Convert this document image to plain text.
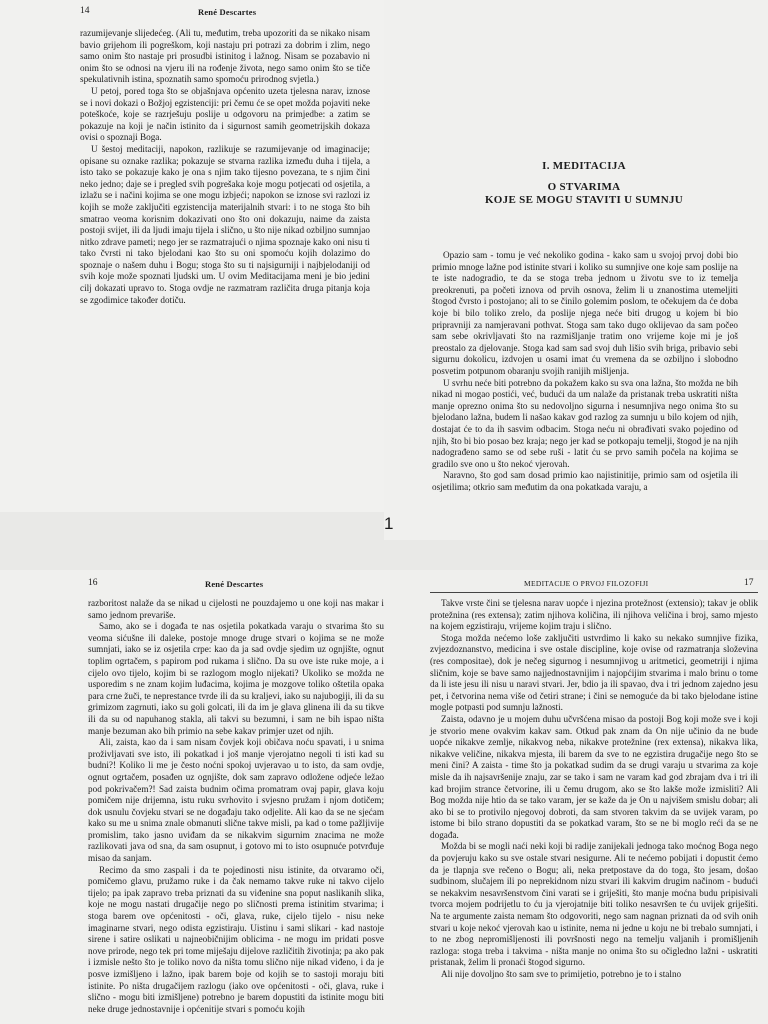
14	René Descartes

razumijevanje slijedećeg. (Ali tu, međutim, treba upozoriti da se nikako nisam bavio grijehom ili pogreškom, koji nastaju pri potrazi za dobrim i zlim, nego samo onim što nastaje pri prosudbi istinitog i lažnog. Nisam se pozabavio ni onim što se odnosi na vjeru ili na rođenje života, nego samo onim što se tiče spekulativnih istina, spoznatih samo spomoću prirodnog svjetla.)

U petoj, pored toga što se objašnjava općenito uzeta tjelesna narav, iznose se i novi dokazi o Božjoj egzistenciji: pri čemu će se opet možda pojaviti neke poteškoće, koje se razrješuju poslije u odgovoru na primjedbe: a zatim se pokazuje na koji je način istinito da i sigurnost samih geometrijskih dokaza ovisi o spoznaji Boga.

U šestoj meditaciji, napokon, razlikuje se razumijevanje od imaginacije; opisane su oznake razlika; pokazuje se stvarna razlika između duha i tijela, a isto tako se pokazuje kako je ona s njim tako tijesno povezana, te s njim čini neko jedno; daje se i pregled svih pogrešaka koje mogu potjecati od osjetila, a izlažu se i načini kojima se one mogu izbjeći; napokon se iznose svi razlozi iz kojih se može zaključiti egzistencija materijalnih stvari: i to ne stoga što bih smatrao veoma korisnim dokazivati ono što oni dokazuju, naime da zaista postoji svijet, ili da ljudi imaju tijela i slično, u što nije nikad ozbiljno sumnjao nitko zdrave pameti; nego jer se razmatrajući o njima spoznaje kako oni nisu ti tako čvrsti ni tako bjelodani kao što su oni spomoću kojih dolazimo do spoznaje o našem duhu i Bogu; stoga što su ti najsigurniji i najbjelodaniji od svih koje može spoznati ljudski um. U ovim Meditacijama meni je bio jedini cilj dokazati upravo to. Stoga ovdje ne razmatram različita druga pitanja koja se zgodimice također dotiču.

I. MEDITACIJA
O STVARIMA
KOJE SE MOGU STAVITI U SUMNJU

Opazio sam - tomu je već nekoliko godina - kako sam u svojoj prvoj dobi bio primio mnoge lažne pod istinite stvari i koliko su sumnjive one koje sam poslije na te iste nadogradio, te da se stoga treba jednom u životu sve to iz temelja preokrenuti, pa početi iznova od prvih osnova, želim li u znanostima utemeljiti štogod čvrsto i postojano; ali to se činilo golemim poslom, te očekujem da će doba koje bi bilo toliko zrelo, da poslije njega neće biti drugog u kojem bi bio pripravniji za namjeravani pothvat. Stoga sam tako dugo oklijevao da sam počeo sam sebe okrivljavati što na razmišljanje tratim ono vrijeme koje mi je još preostalo za djelovanje. Stoga kad sam sad svoj duh lišio svih briga, pribavio sebi sigurnu dokolicu, izdvojen u osami imat ću vremena da se ozbiljno i slobodno posvetim potpunom obaranju svojih ranijih mišljenja.

U svrhu neće biti potrebno da pokažem kako su sva ona lažna, što možda ne bih nikad ni mogao postići, već, budući da um nalaže da pristanak treba uskratiti ništa manje oprezno onima što su nedovoljno sigurna i nesumnjiva nego onima što su bjelodano lažna, budem li našao kakav god razlog za sumnju u bilo kojem od njih, dostajat će to da ih sasvim odbacim. Stoga neću ni obrađivati svako pojedino od njih, što bi bio posao bez kraja; nego jer kad se potkopaju temelji, štogod je na njih nadograđeno samo se od sebe ruši - latit ću se prvo samih počela na kojima se gradilo sve ono u što nekoć vjerovah.

Naravno, što god sam dosad primio kao najistinitije, primio sam od osjetila ili osjetilima; otkrio sam međutim da ona pokatkada varaju, a

1
16	René Descartes

razboritost nalaže da se nikad u cijelosti ne pouzdajemo u one koji nas makar i samo jednom prevariše.

Samo, ako se i događa te nas osjetila pokatkada varaju o stvarima što su veoma sićušne ili daleke, postoje mnoge druge stvari o kojima se ne može sumnjati, iako se iz osjetila crpe: kao da ja sad ovdje sjedim uz ognjište, ognut toplim ogrtačem, s papirom pod rukama i slično. Da su ove iste ruke moje, a i cijelo ovo tijelo, kojim bi se razlogom moglo nijekati? Ukoliko se možda ne usporedim s ne znam kojim luđacima, kojima je mozgove toliko oštetila opaka para crne žuči, te neprestance tvrde ili da su kraljevi, iako su najubogiji, ili da su grimizom zagrnuti, iako su goli golcati, ili da im je glava glinena ili da su tikve ili da su od napuhanog stakla, ali takvi su bezumni, i sam ne bih ispao ništa manje bezuman ako bih primio na sebe kakav primjer uzet od njih.

Ali, zaista, kao da i sam nisam čovjek koji običava noću spavati, i u snima proživljavati sve isto, ili pokatkad i još manje vjerojatno negoli ti isti kad su budni?! Koliko li me je često noćni spokoj uvjeravao u to isto, da sam ovdje, ognut ogrtačem, posađen uz ognjište, dok sam zapravo odložene odjeće ležao pod pokrivačem?! Sad zaista budnim očima promatram ovaj papir, glava koju pomičem nije drijemna, istu ruku svrhovito i svjesno pružam i njom dotičem; dok usnulu čovjeku stvari se ne događaju tako odjelite. Ali kao da se ne sjećam kako su me u snima znale obmanuti slične takve misli, pa kad o tome pažljivije promislim, tako jasno uviđam da se nikakvim sigurnim znacima ne može razlikovati java od sna, da sam osupnut, i gotovo mi to isto osupnuće potvrđuje misao da sanjam.

Recimo da smo zaspali i da te pojedinosti nisu istinite, da otvaramo oči, pomičemo glavu, pružamo ruke i da čak nemamo takve ruke ni takvo cijelo tijelo; pa ipak zapravo treba priznati da su viđenine sna poput naslikanih slika, koje ne mogu nastati drugačije nego po sličnosti prema istinitim stvarima; i stoga barem ove općenitosti - oči, glava, ruke, cijelo tijelo - nisu neke imaginarne stvari, nego odista egzistiraju. Uistinu i sami slikari - kad nastoje sirene i satire oslikati u najneobičnijim oblicima - ne mogu im pridati posve nove prirode, nego tek pri tome miješaju dijelove različitih životinja; pa ako pak i izmisle nešto što je toliko novo da ništa tomu slično nije nikad viđeno, i da je posve izmišljeno i lažno, ipak barem boje od kojih se to sastoji moraju biti istinite. Po ništa drugačijem razlogu (iako ove općenitosti - oči, glava, ruke i slično - mogu biti izmišljene) potrebno je barem dopustiti da istinite mogu biti neke druge jednostavnije i općenitije stvari s pomoću kojih

MEDITACIJE O PRVOJ FILOZOFIJI	17

Takve vrste čini se tjelesna narav uopće i njezina protežnost (extensio); takav je oblik protežnina (res extensa); zatim njihova količina, ili njihova veličina i broj, samo mjesto na kojem egzistiraju, vrijeme kojim traju i slično.

Stoga možda nećemo loše zaključiti ustvrdimo li kako su nekako sumnjive fizika, zvjezdoznanstvo, medicina i sve ostale discipline, koje ovise od razmatranja složevina (res compositae), dok je nečeg sigurnog i nesumnjivog u aritmetici, geometriji i njima sličnim, koje se bave samo najjednostavnijim i najopćijim stvarima i malo brinu o tome da li iste jesu ili nisu u naravi stvari. Jer, bdio ja ili spavao, dva i tri jednom zajedno jesu pet, i četvorina nema više od četiri strane; i čini se nemoguće da bi tako bjelodane istine mogle potpasti pod sumnju lažnosti.

Zaista, odavno je u mojem duhu učvršćena misao da postoji Bog koji može sve i koji je stvorio mene ovakvim kakav sam. Otkud pak znam da On nije učinio da ne bude uopće nikakve zemlje, nikakvog neba, nikakve protežnine (rex extensa), nikakva lika, nikakve veličine, nikakva mjesta, ili barem da sve to ne egzistira drugačije nego što se meni čini? A zaista - time što ja pokatkad sudim da se drugi varaju u stvarima za koje misle da ih najsavršenije znaju, zar se tako i sam ne varam kad god zbrajam dva i tri ili kad brojim strance četvorine, ili u čemu drugom, ako se što lakše može izmisliti? Ali Bog možda nije htio da se tako varam, jer se kaže da je On u najvišem smislu dobar; ali ako bi se to protivilo njegovoj dobroti, da sam stvoren takvim da se uvijek varam, po istome bi bilo strano dopustiti da se pokatkad varam, što se ne bi moglo reći da se ne događa.

Možda bi se mogli naći neki koji bi radije zanijekali jednoga tako moćnog Boga nego da povjeruju kako su sve ostale stvari nesigurne. Ali te nećemo pobijati i dopustit ćemo da je tlapnja sve rečeno o Bogu; ali, neka pretpostave da do toga, što jesam, došao sudbinom, slučajem ili po neprekidnom nizu stvari ili kakvim drugim načinom - budući se nekakvim nesavršenstvom čini varati se i griješiti, što manje moćna budu pripisivali tvorca mojem podrijetlu to ću ja vjerojatnije biti toliko nesavršen te ću uvijek griješiti. Na te argumente zaista nemam što odgovoriti, nego sam nagnan priznati da od svih onih stvari u koje nekoć vjerovah kao u istinite, nema ni jedne u koju ne bi trebalo sumnjati, i to ne zbog nepromišljenosti ili površnosti nego na temelju valjanih i promišljenih razloga: stoga treba i takvima - ništa manje no onima što su očigledno lažni - uskratiti pristanak, želim li pronaći štogod sigurno.

Ali nije dovoljno što sam sve to primijetio, potrebno je to i stalno
